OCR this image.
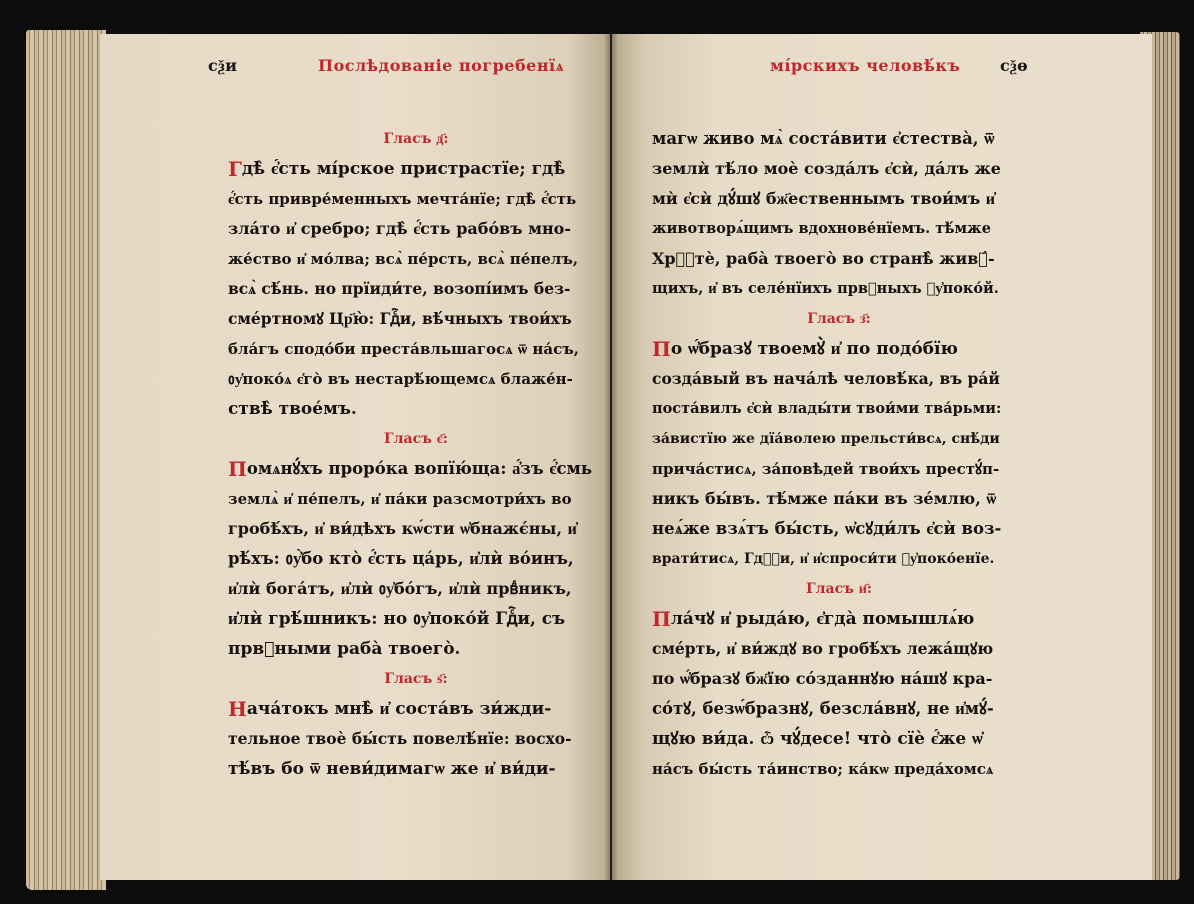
сѯи	Послѣдованіе погребенїѧ	мі́рскихъ человѣ́къ сѯѳ
Гласъ д҃:
Г дѣ̀ є҆́сть мі́рское пристрастїе; гдѣ̀
є҆́сть привре́менныхъ мечта́нїе; гдѣ̀ є҆́сть
зла́то и҆ сребро; гдѣ̀ є҆́сть рабо́въ мно-
же́ство и҆ мо́лва; всѧ̀ пе́рсть, всѧ̀ пе́пелъ,
всѧ̀ сѣ́нь. но прїиди́те, возопі́имъ без-
сме́ртномꙋ Цр҃ю̀: Гдⷭ҇и, вѣ́чныхъ твои́хъ
бла́гъ сподо́би преста́вльшагосѧ ѿ на́съ,
ᲂу҆поко́ѧ є҆го̀ въ нестарѣ́ющемсѧ блаже́н-
ствѣ̀ твое́мъ.
Гласъ є҃:
П омѧнꙋ́хъ проро́ка вопїю́ща: а҆́зъ є҆́смь
землѧ̀ и҆ пе́пелъ, и҆ па́ки разсмотри́хъ во
гробѣ́хъ, и҆ ви́дѣхъ кѡ́сти ѡ҆бнажє́ны, и҆
рѣ́хъ: ᲂу҆̀бо кто̀ є҆́сть ца́рь, и҆лѝ во́инъ,
и҆лѝ бога́тъ, и҆лѝ ᲂу҆бо́гъ, и҆лѝ првⷣникъ,
и҆лѝ грѣ́шникъ: но ᲂу҆поко́й Гдⷭ҇и, съ
првⷣными раба̀ твоего̀.
Гласъ ѕ҃:
Н ача́токъ мнѣ̀ и҆ соста́въ зи́жди-
тельное твоѐ бы́сть повелѣ́нїе: восхо-
тѣ́въ бо ѿ неви́димагѡ же и҆ ви́ди-
магѡ живо мѧ̀ соста́вити є҆стества̀, ѿ
землѝ тѣ́ло моѐ созда́лъ є҆сѝ, да́лъ же
мѝ є҆сѝ дꙋ́шꙋ бж҃ественнымъ твои́мъ и҆
животворѧ́щимъ вдохнове́нїемъ. тѣ́мже
Хрⷭ҇тѐ, раба̀ твоего̀ во странѣ̀ живꙋ́-
щихъ, и҆ въ селе́нїихъ првⷣныхъ ᲂу҆поко́й.
Гласъ з҃:
П о ѡ҆́бразꙋ твоемꙋ̀ и҆ по подо́бїю
созда́вый въ нача́лѣ человѣ́ка, въ ра́й
поста́вилъ є҆сѝ влады́ти твои́ми тва́рьми:
за́вистїю же дїа́волею прельсти́всѧ, снѣ́ди
прича́стисѧ, за́повѣдей твои́хъ престꙋ́п-
никъ бы́въ. тѣ́мже па́ки въ зе́млю, ѿ
неѧ́же взѧ́тъ бы́сть, ѡ҆сꙋди́лъ є҆сѝ воз-
врати́тисѧ, Гдⷭ҇и, и҆ и҆спроси́ти ᲂу҆поко́енїе.
Гласъ и҃:
П ла́чꙋ и҆ рыда́ю, є҆гда̀ помышлѧ́ю
сме́рть, и҆ ви́ждꙋ во гробѣ́хъ лежа́щꙋю
по ѡ҆́бразꙋ бж҃їю со́зданнꙋю на́шꙋ кра-
со́тꙋ, безѡ́бразнꙋ, безсла́внꙋ, не и҆мꙋ́-
щꙋю ви́да. ѽ чꙋ́десе! что̀ сїѐ є҆́же ѡ҆
на́съ бы́сть та́инство; ка́кѡ преда́хомсѧ
